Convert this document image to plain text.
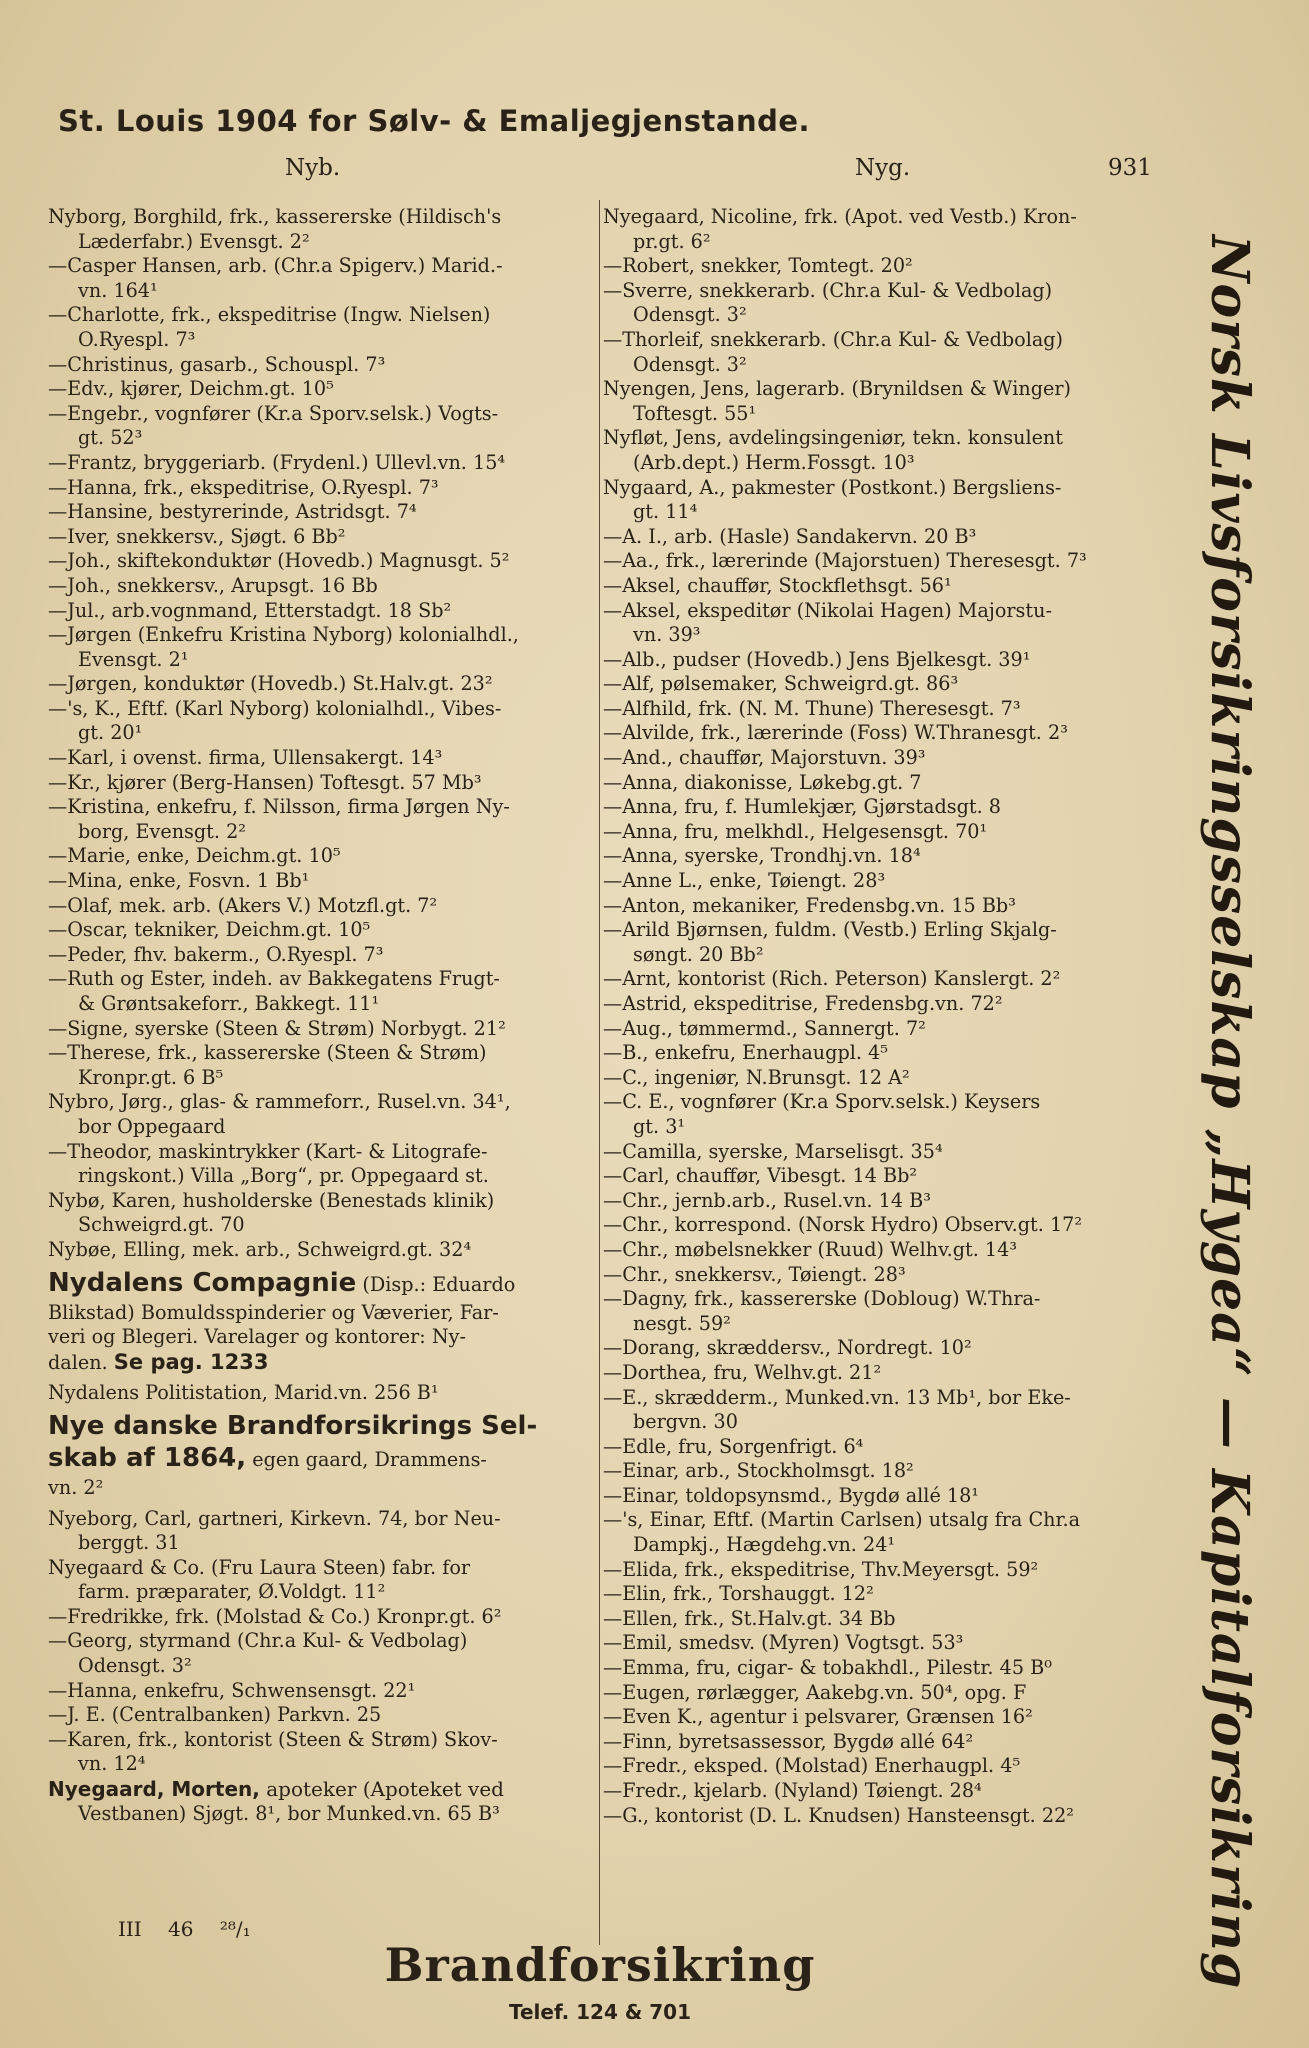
St. Louis 1904 for Sølv- & Emaljegjenstande.
Nyb.	Nyg.	931
Nyborg, Borghild, frk., kassererske (Hildisch's
Læderfabr.) Evensgt. 2²
—Casper Hansen, arb. (Chr.a Spigerv.) Marid.-
vn. 164¹
—Charlotte, frk., ekspeditrise (Ingw. Nielsen)
O.Ryespl. 7³
—Christinus, gasarb., Schouspl. 7³
—Edv., kjører, Deichm.gt. 10⁵
—Engebr., vognfører (Kr.a Sporv.selsk.) Vogts-
gt. 52³
—Frantz, bryggeriarb. (Frydenl.) Ullevl.vn. 15⁴
—Hanna, frk., ekspeditrise, O.Ryespl. 7³
—Hansine, bestyrerinde, Astridsgt. 7⁴
—Iver, snekkersv., Sjøgt. 6 Bb²
—Joh., skiftekonduktør (Hovedb.) Magnusgt. 5²
—Joh., snekkersv., Arupsgt. 16 Bb
—Jul., arb.vognmand, Etterstadgt. 18 Sb²
—Jørgen (Enkefru Kristina Nyborg) kolonialhdl.,
Evensgt. 2¹
—Jørgen, konduktør (Hovedb.) St.Halv.gt. 23²
—'s, K., Eftf. (Karl Nyborg) kolonialhdl., Vibes-
gt. 20¹
—Karl, i ovenst. firma, Ullensakergt. 14³
—Kr., kjører (Berg-Hansen) Toftesgt. 57 Mb³
—Kristina, enkefru, f. Nilsson, firma Jørgen Ny-
borg, Evensgt. 2²
—Marie, enke, Deichm.gt. 10⁵
—Mina, enke, Fosvn. 1 Bb¹
—Olaf, mek. arb. (Akers V.) Motzfl.gt. 7²
—Oscar, tekniker, Deichm.gt. 10⁵
—Peder, fhv. bakerm., O.Ryespl. 7³
—Ruth og Ester, indeh. av Bakkegatens Frugt-
& Grøntsakeforr., Bakkegt. 11¹
—Signe, syerske (Steen & Strøm) Norbygt. 21²
—Therese, frk., kassererske (Steen & Strøm)
Kronpr.gt. 6 B⁵
Nybro, Jørg., glas- & rammeforr., Rusel.vn. 34¹,
bor Oppegaard
—Theodor, maskintrykker (Kart- & Litografe-
ringskont.) Villa „Borg“, pr. Oppegaard st.
Nybø, Karen, husholderske (Benestads klinik)
Schweigrd.gt. 70
Nybøe, Elling, mek. arb., Schweigrd.gt. 32⁴
Nydalens Compagnie (Disp.: Eduardo
Blikstad) Bomuldsspinderier og Væverier, Far-
veri og Blegeri. Varelager og kontorer: Ny-
dalen. Se pag. 1233
Nydalens Politistation, Marid.vn. 256 B¹
Nye danske Brandforsikrings Sel-
skab af 1864, egen gaard, Drammens-
vn. 2²
Nyeborg, Carl, gartneri, Kirkevn. 74, bor Neu-
berggt. 31
Nyegaard & Co. (Fru Laura Steen) fabr. for
farm. præparater, Ø.Voldgt. 11²
—Fredrikke, frk. (Molstad & Co.) Kronpr.gt. 6²
—Georg, styrmand (Chr.a Kul- & Vedbolag)
Odensgt. 3²
—Hanna, enkefru, Schwensensgt. 22¹
—J. E. (Centralbanken) Parkvn. 25
—Karen, frk., kontorist (Steen & Strøm) Skov-
vn. 12⁴
Nyegaard, Morten, apoteker (Apoteket ved
Vestbanen) Sjøgt. 8¹, bor Munked.vn. 65 B³
Nyegaard, Nicoline, frk. (Apot. ved Vestb.) Kron-
pr.gt. 6²
—Robert, snekker, Tomtegt. 20²
—Sverre, snekkerarb. (Chr.a Kul- & Vedbolag)
Odensgt. 3²
—Thorleif, snekkerarb. (Chr.a Kul- & Vedbolag)
Odensgt. 3²
Nyengen, Jens, lagerarb. (Brynildsen & Winger)
Toftesgt. 55¹
Nyfløt, Jens, avdelingsingeniør, tekn. konsulent
(Arb.dept.) Herm.Fossgt. 10³
Nygaard, A., pakmester (Postkont.) Bergsliens-
gt. 11⁴
—A. I., arb. (Hasle) Sandakervn. 20 B³
—Aa., frk., lærerinde (Majorstuen) Theresesgt. 7³
—Aksel, chauffør, Stockflethsgt. 56¹
—Aksel, ekspeditør (Nikolai Hagen) Majorstu-
vn. 39³
—Alb., pudser (Hovedb.) Jens Bjelkesgt. 39¹
—Alf, pølsemaker, Schweigrd.gt. 86³
—Alfhild, frk. (N. M. Thune) Theresesgt. 7³
—Alvilde, frk., lærerinde (Foss) W.Thranesgt. 2³
—And., chauffør, Majorstuvn. 39³
—Anna, diakonisse, Løkebg.gt. 7
—Anna, fru, f. Humlekjær, Gjørstadsgt. 8
—Anna, fru, melkhdl., Helgesensgt. 70¹
—Anna, syerske, Trondhj.vn. 18⁴
—Anne L., enke, Tøiengt. 28³
—Anton, mekaniker, Fredensbg.vn. 15 Bb³
—Arild Bjørnsen, fuldm. (Vestb.) Erling Skjalg-
søngt. 20 Bb²
—Arnt, kontorist (Rich. Peterson) Kanslergt. 2²
—Astrid, ekspeditrise, Fredensbg.vn. 72²
—Aug., tømmermd., Sannergt. 7²
—B., enkefru, Enerhaugpl. 4⁵
—C., ingeniør, N.Brunsgt. 12 A²
—C. E., vognfører (Kr.a Sporv.selsk.) Keysers
gt. 3¹
—Camilla, syerske, Marselisgt. 35⁴
—Carl, chauffør, Vibesgt. 14 Bb²
—Chr., jernb.arb., Rusel.vn. 14 B³
—Chr., korrespond. (Norsk Hydro) Observ.gt. 17²
—Chr., møbelsnekker (Ruud) Welhv.gt. 14³
—Chr., snekkersv., Tøiengt. 28³
—Dagny, frk., kassererske (Dobloug) W.Thra-
nesgt. 59²
—Dorang, skræddersv., Nordregt. 10²
—Dorthea, fru, Welhv.gt. 21²
—E., skrædderm., Munked.vn. 13 Mb¹, bor Eke-
bergvn. 30
—Edle, fru, Sorgenfrigt. 6⁴
—Einar, arb., Stockholmsgt. 18²
—Einar, toldopsynsmd., Bygdø allé 18¹
—'s, Einar, Eftf. (Martin Carlsen) utsalg fra Chr.a
Dampkj., Hægdehg.vn. 24¹
—Elida, frk., ekspeditrise, Thv.Meyersgt. 59²
—Elin, frk., Torshauggt. 12²
—Ellen, frk., St.Halv.gt. 34 Bb
—Emil, smedsv. (Myren) Vogtsgt. 53³
—Emma, fru, cigar- & tobakhdl., Pilestr. 45 B⁰
—Eugen, rørlægger, Aakebg.vn. 50⁴, opg. F
—Even K., agentur i pelsvarer, Grænsen 16²
—Finn, byretsassessor, Bygdø allé 64²
—Fredr., eksped. (Molstad) Enerhaugpl. 4⁵
—Fredr., kjelarb. (Nyland) Tøiengt. 28⁴
—G., kontorist (D. L. Knudsen) Hansteensgt. 22²	Norsk Livsforsikringsselskap „Hygea“ — Kapitalforsikring
III 46 ²⁸/₁
Brandforsikring
Telef. 124 & 701
